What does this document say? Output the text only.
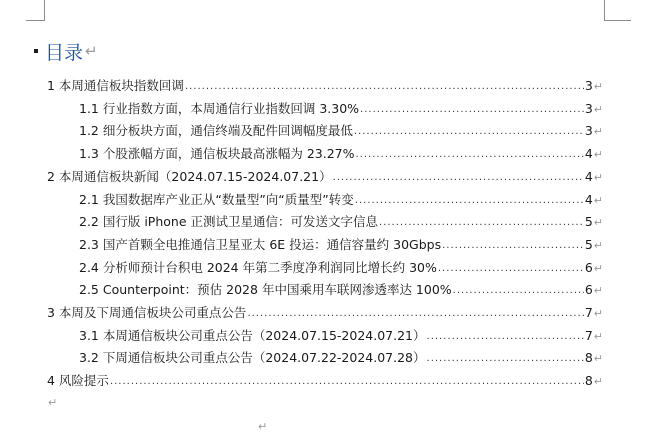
目录 ↵
1 本周通信板块指数回调 .....	3 ↵
1.1 行业指数方面，本周通信行业指数回调 3.30% .....	3 ↵
1.2 细分板块方面，通信终端及配件回调幅度最低 .....	3 ↵
1.3 个股涨幅方面，通信板块最高涨幅为 23.27% .....	4 ↵
2 本周通信板块新闻（2024.07.15-2024.07.21） .....	4 ↵
2.1 我国数据库产业正从“数量型”向“质量型”转变 .....	4 ↵
2.2 国行版 iPhone 正测试卫星通信：可发送文字信息 .....	5 ↵
2.3 国产首颗全电推通信卫星亚太 6E 投运：通信容量约 30Gbps .....	5 ↵
2.4 分析师预计台积电 2024 年第二季度净利润同比增长约 30% .....	6 ↵
2.5 Counterpoint：预估 2028 年中国乘用车联网渗透率达 100% .....	6 ↵
3 本周及下周通信板块公司重点公告 .....	7 ↵
3.1 本周通信板块公司重点公告（2024.07.15-2024.07.21） .....	7 ↵
3.2 下周通信板块公司重点公告（2024.07.22-2024.07.28） .....	8 ↵
4 风险提示 .....	8 ↵
↵
↵
